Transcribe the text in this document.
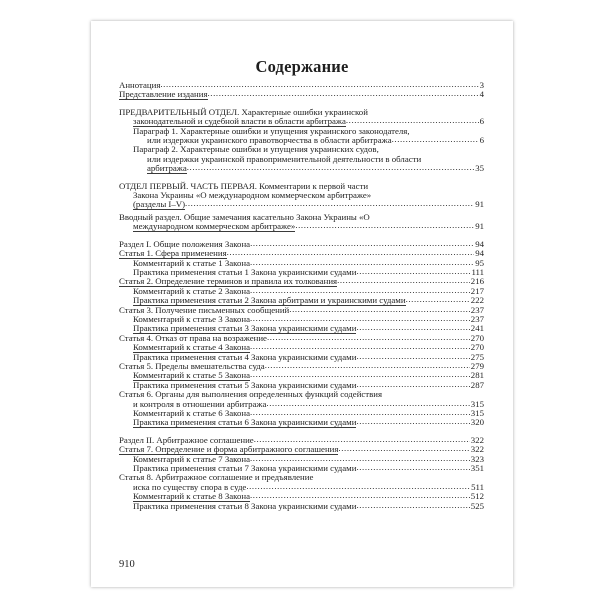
Содержание
Аннотация .....	3
Представление издания .....	4
ПРЕДВАРИТЕЛЬНЫЙ ОТДЕЛ. Характерные ошибки украинской
законодательной и судебной власти в области арбитража .....	6
Параграф 1. Характерные ошибки и упущения украинского законодателя,
или издержки украинского правотворчества в области арбитража .....	6
Параграф 2. Характерные ошибки и упущения украинских судов,
или издержки украинской правоприменительной деятельности в области
арбитража .....	35
ОТДЕЛ ПЕРВЫЙ. ЧАСТЬ ПЕРВАЯ. Комментарии к первой части
Закона Украины «О международном коммерческом арбитраже»
(разделы I–V) .....	91
Вводный раздел. Общие замечания касательно Закона Украины «О
международном коммерческом арбитраже» .....	91
Раздел I. Общие положения Закона .....	94
Статья 1. Сфера применения .....	94
Комментарий к статье 1 Закона .....	95
Практика применения статьи 1 Закона украинскими судами .....	111
Статья 2. Определение терминов и правила их толкования .....	216
Комментарий к статье 2 Закона .....	217
Практика применения статьи 2 Закона арбитрами и украинскими судами .....	222
Статья 3. Получение письменных сообщений .....	237
Комментарий к статье 3 Закона .....	237
Практика применения статьи 3 Закона украинскими судами .....	241
Статья 4. Отказ от права на возражение .....	270
Комментарий к статье 4 Закона .....	270
Практика применения статьи 4 Закона украинскими судами .....	275
Статья 5. Пределы вмешательства суда .....	279
Комментарий к статье 5 Закона .....	281
Практика применения статьи 5 Закона украинскими судами .....	287
Статья 6. Органы для выполнения определенных функций содействия
и контроля в отношении арбитража .....	315
Комментарий к статье 6 Закона .....	315
Практика применения статьи 6 Закона украинскими судами .....	320
Раздел II. Арбитражное соглашение .....	322
Статья 7. Определение и форма арбитражного соглашения .....	322
Комментарий к статье 7 Закона .....	323
Практика применения статьи 7 Закона украинскими судами .....	351
Статья 8. Арбитражное соглашение и предъявление
иска по существу спора в суде .....	511
Комментарий к статье 8 Закона .....	512
Практика применения статьи 8 Закона украинскими судами .....	525
910
